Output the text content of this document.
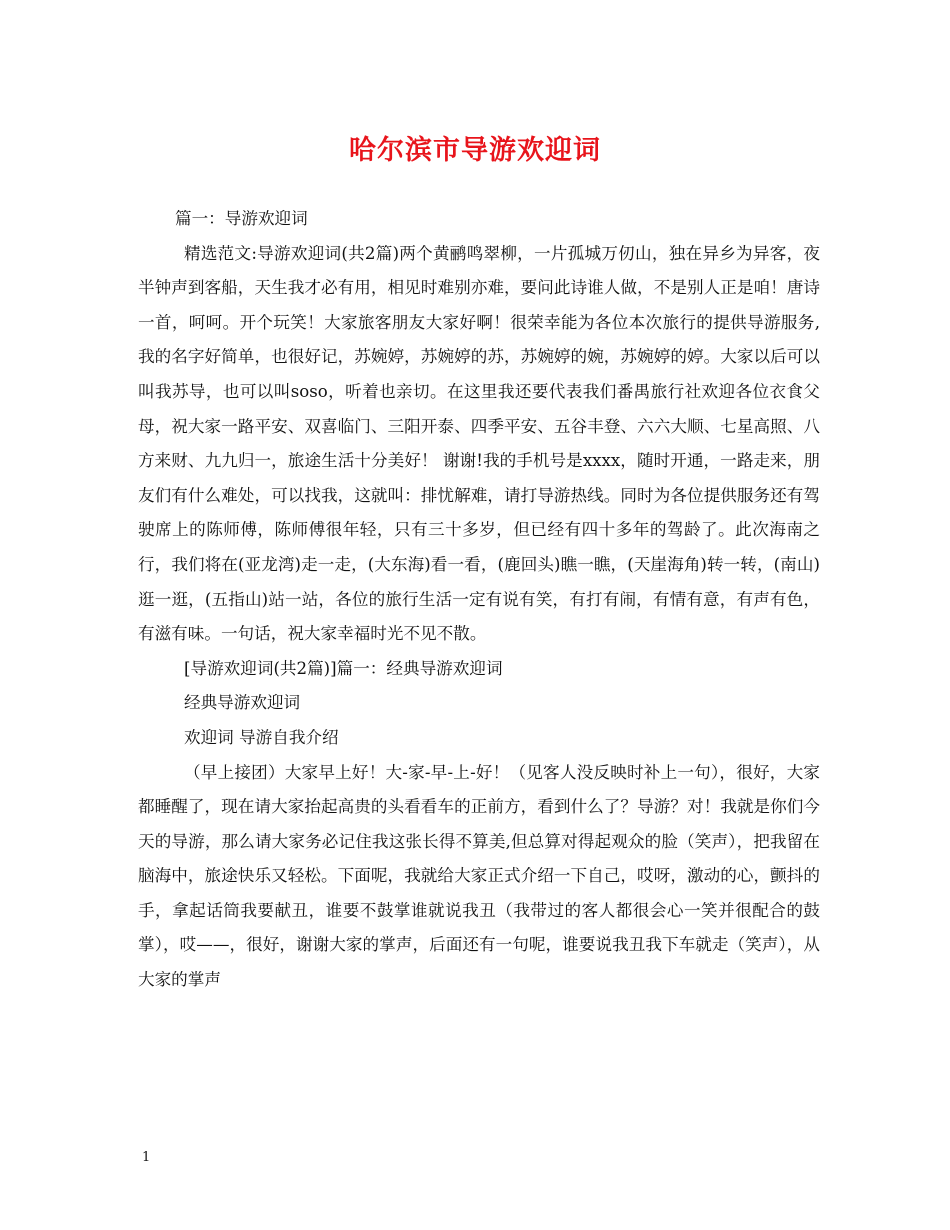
哈尔滨市导游欢迎词

篇一：导游欢迎词

精选范文:导游欢迎词(共2篇)两个黄鹂鸣翠柳，一片孤城万仞山，独在异乡为异客，夜半钟声到客船，天生我才必有用，相见时难别亦难，要问此诗谁人做，不是别人正是咱！唐诗一首，呵呵。开个玩笑！大家旅客朋友大家好啊！很荣幸能为各位本次旅行的提供导游服务,我的名字好简单，也很好记，苏婉婷，苏婉婷的苏，苏婉婷的婉，苏婉婷的婷。大家以后可以叫我苏导，也可以叫soso，听着也亲切。在这里我还要代表我们番禺旅行社欢迎各位衣食父母，祝大家一路平安、双喜临门、三阳开泰、四季平安、五谷丰登、六六大顺、七星高照、八方来财、九九归一，旅途生活十分美好！ 谢谢!我的手机号是xxxx，随时开通，一路走来，朋友们有什么难处，可以找我，这就叫：排忧解难，请打导游热线。同时为各位提供服务还有驾驶席上的陈师傅，陈师傅很年轻，只有三十多岁，但已经有四十多年的驾龄了。此次海南之行，我们将在(亚龙湾)走一走，(大东海)看一看，(鹿回头)瞧一瞧，(天崖海角)转一转，(南山)逛一逛，(五指山)站一站，各位的旅行生活一定有说有笑，有打有闹，有情有意，有声有色，有滋有味。一句话，祝大家幸福时光不见不散。

[导游欢迎词(共2篇)]篇一：经典导游欢迎词

经典导游欢迎词

欢迎词 导游自我介绍

（早上接团）大家早上好！大-家-早-上-好！（见客人没反映时补上一句），很好，大家都睡醒了，现在请大家抬起高贵的头看看车的正前方，看到什么了？导游？对！我就是你们今天的导游，那么请大家务必记住我这张长得不算美,但总算对得起观众的脸（笑声），把我留在脑海中，旅途快乐又轻松。下面呢，我就给大家正式介绍一下自己，哎呀，激动的心，颤抖的手，拿起话筒我要献丑，谁要不鼓掌谁就说我丑（我带过的客人都很会心一笑并很配合的鼓掌），哎——，很好，谢谢大家的掌声，后面还有一句呢，谁要说我丑我下车就走（笑声），从大家的掌声

1
